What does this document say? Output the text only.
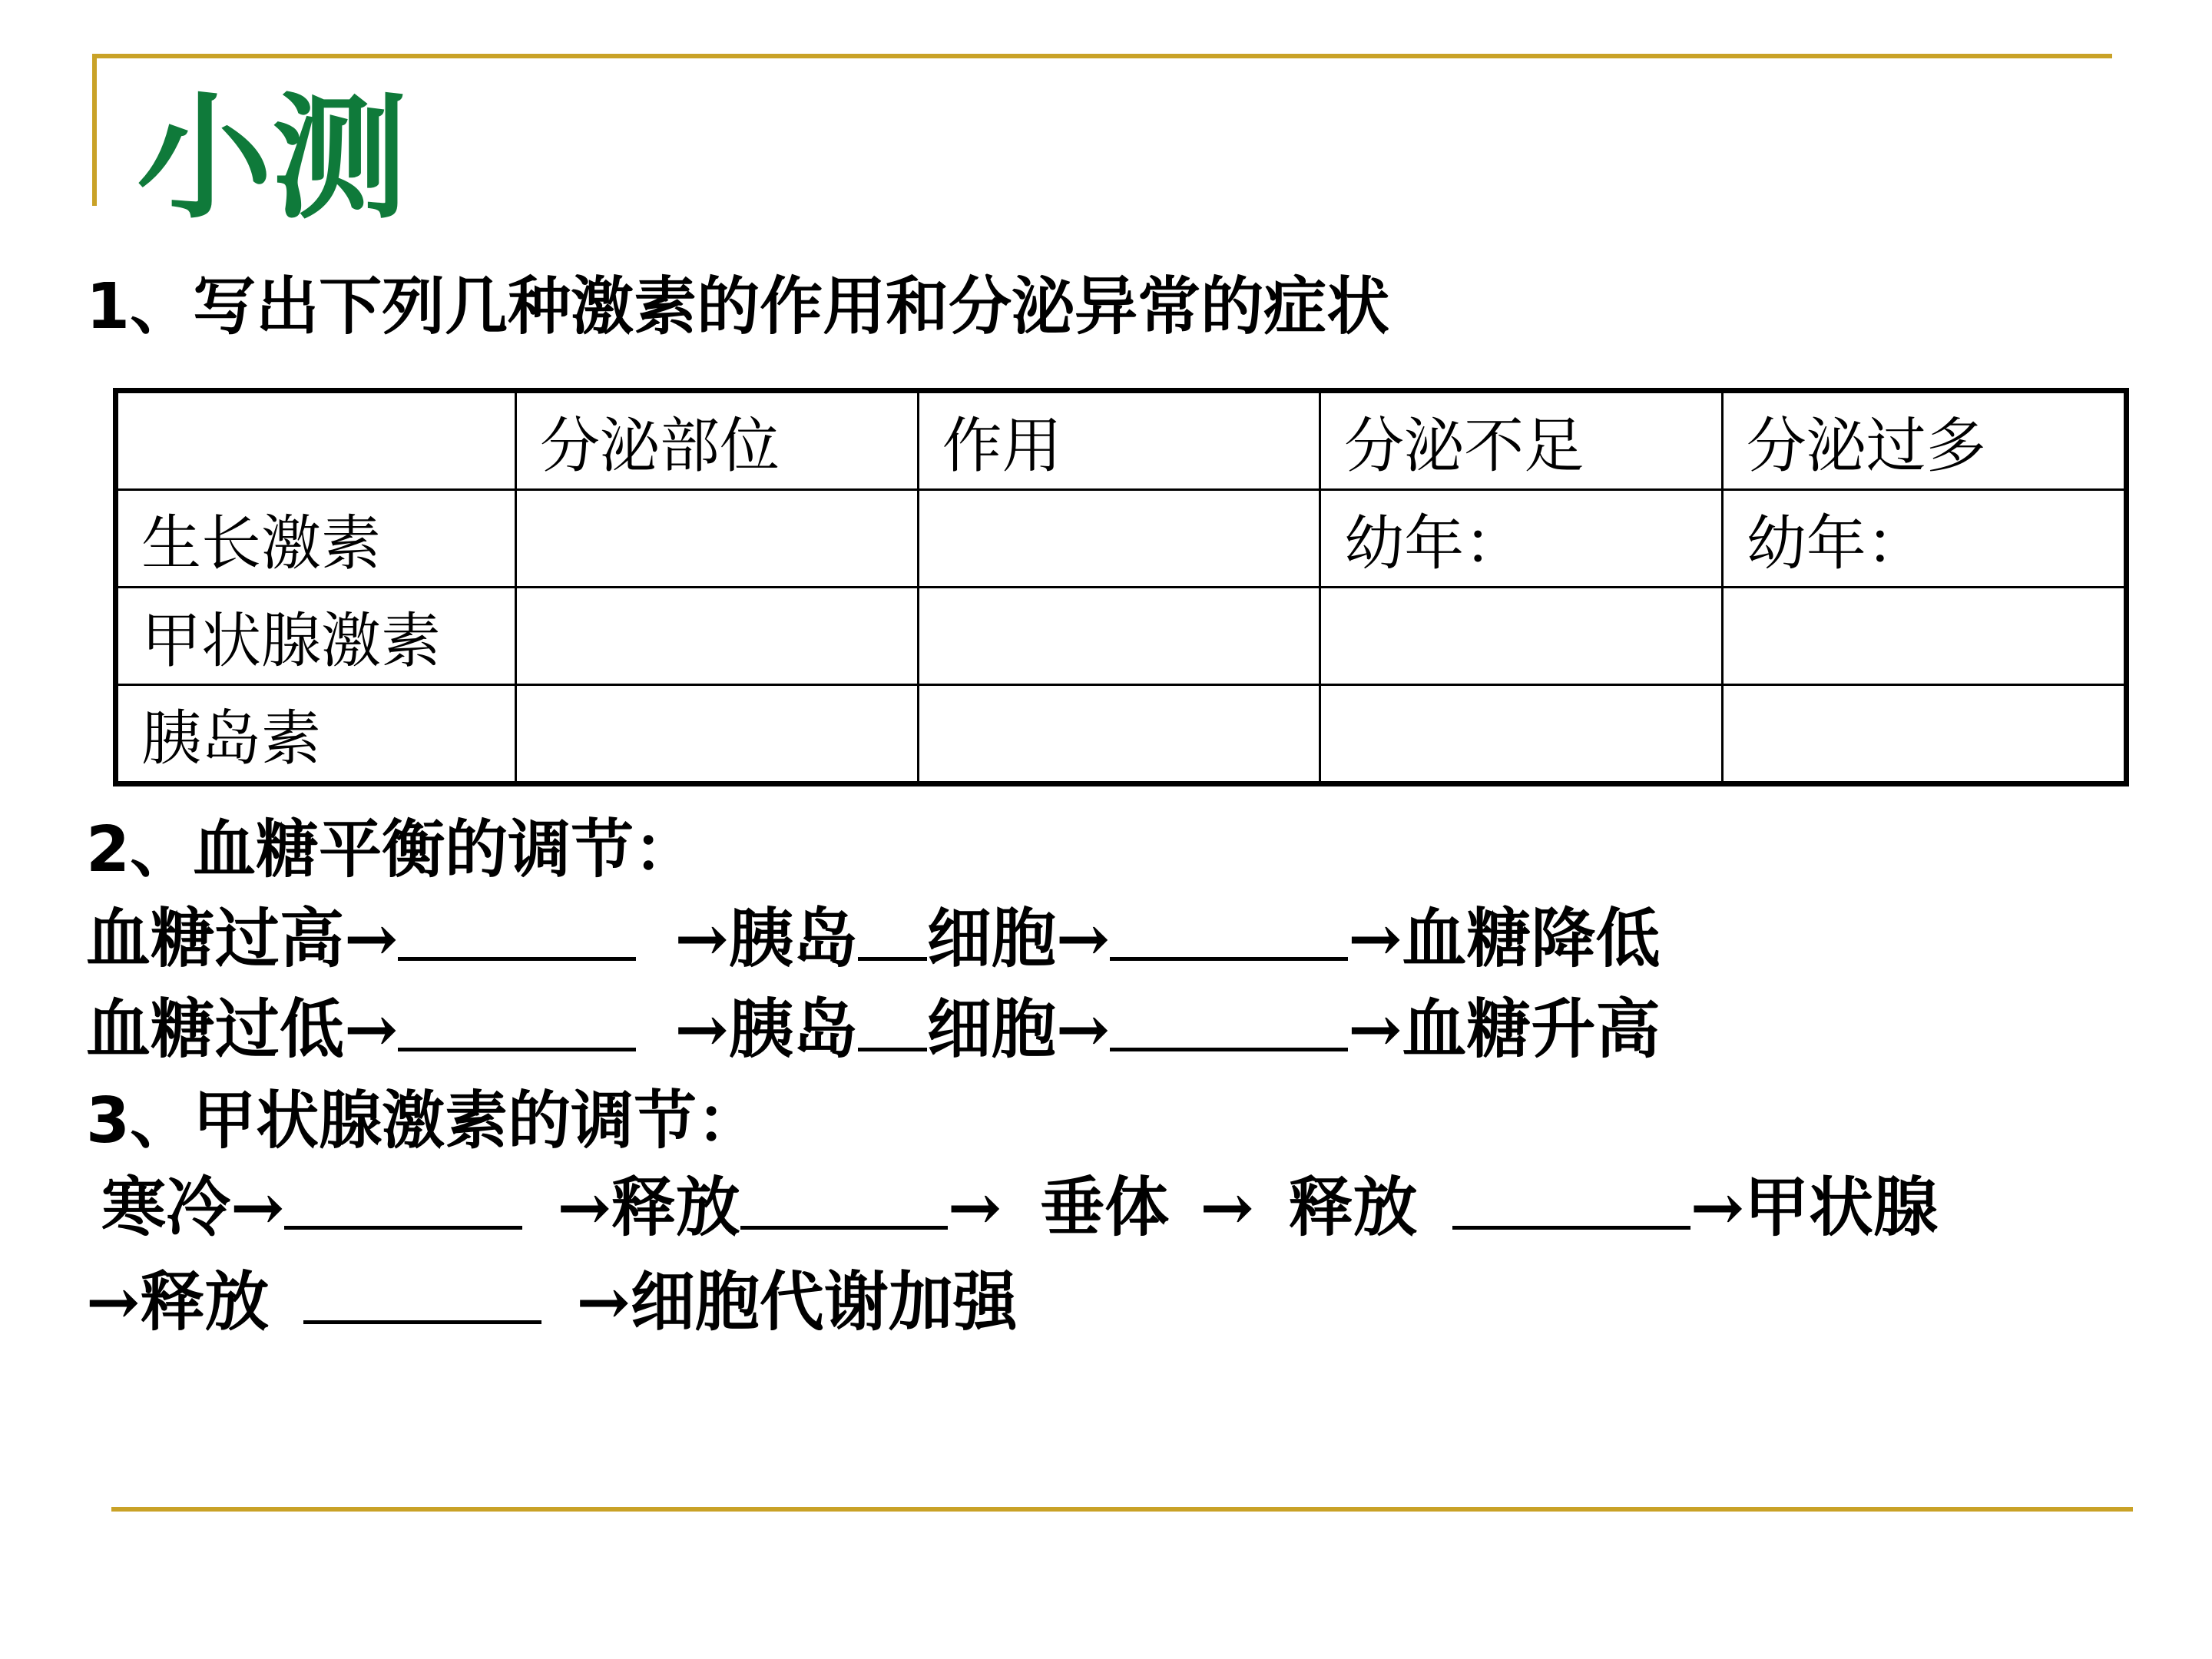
小测
1、写出下列几种激素的作用和分泌异常的症状
	分泌部位	作用	分泌不足	分泌过多
生长激素			幼年：	幼年：
甲状腺激素				
胰岛素				
2、血糖平衡的调节：
血糖过高→	→胰岛 细胞→	→血糖降低
血糖过低→	→胰岛 细胞→	→血糖升高
3、甲状腺激素的调节：
寒冷→	→释放	→ 垂体 → 释放	→甲状腺
→释放	→细胞代谢加强
